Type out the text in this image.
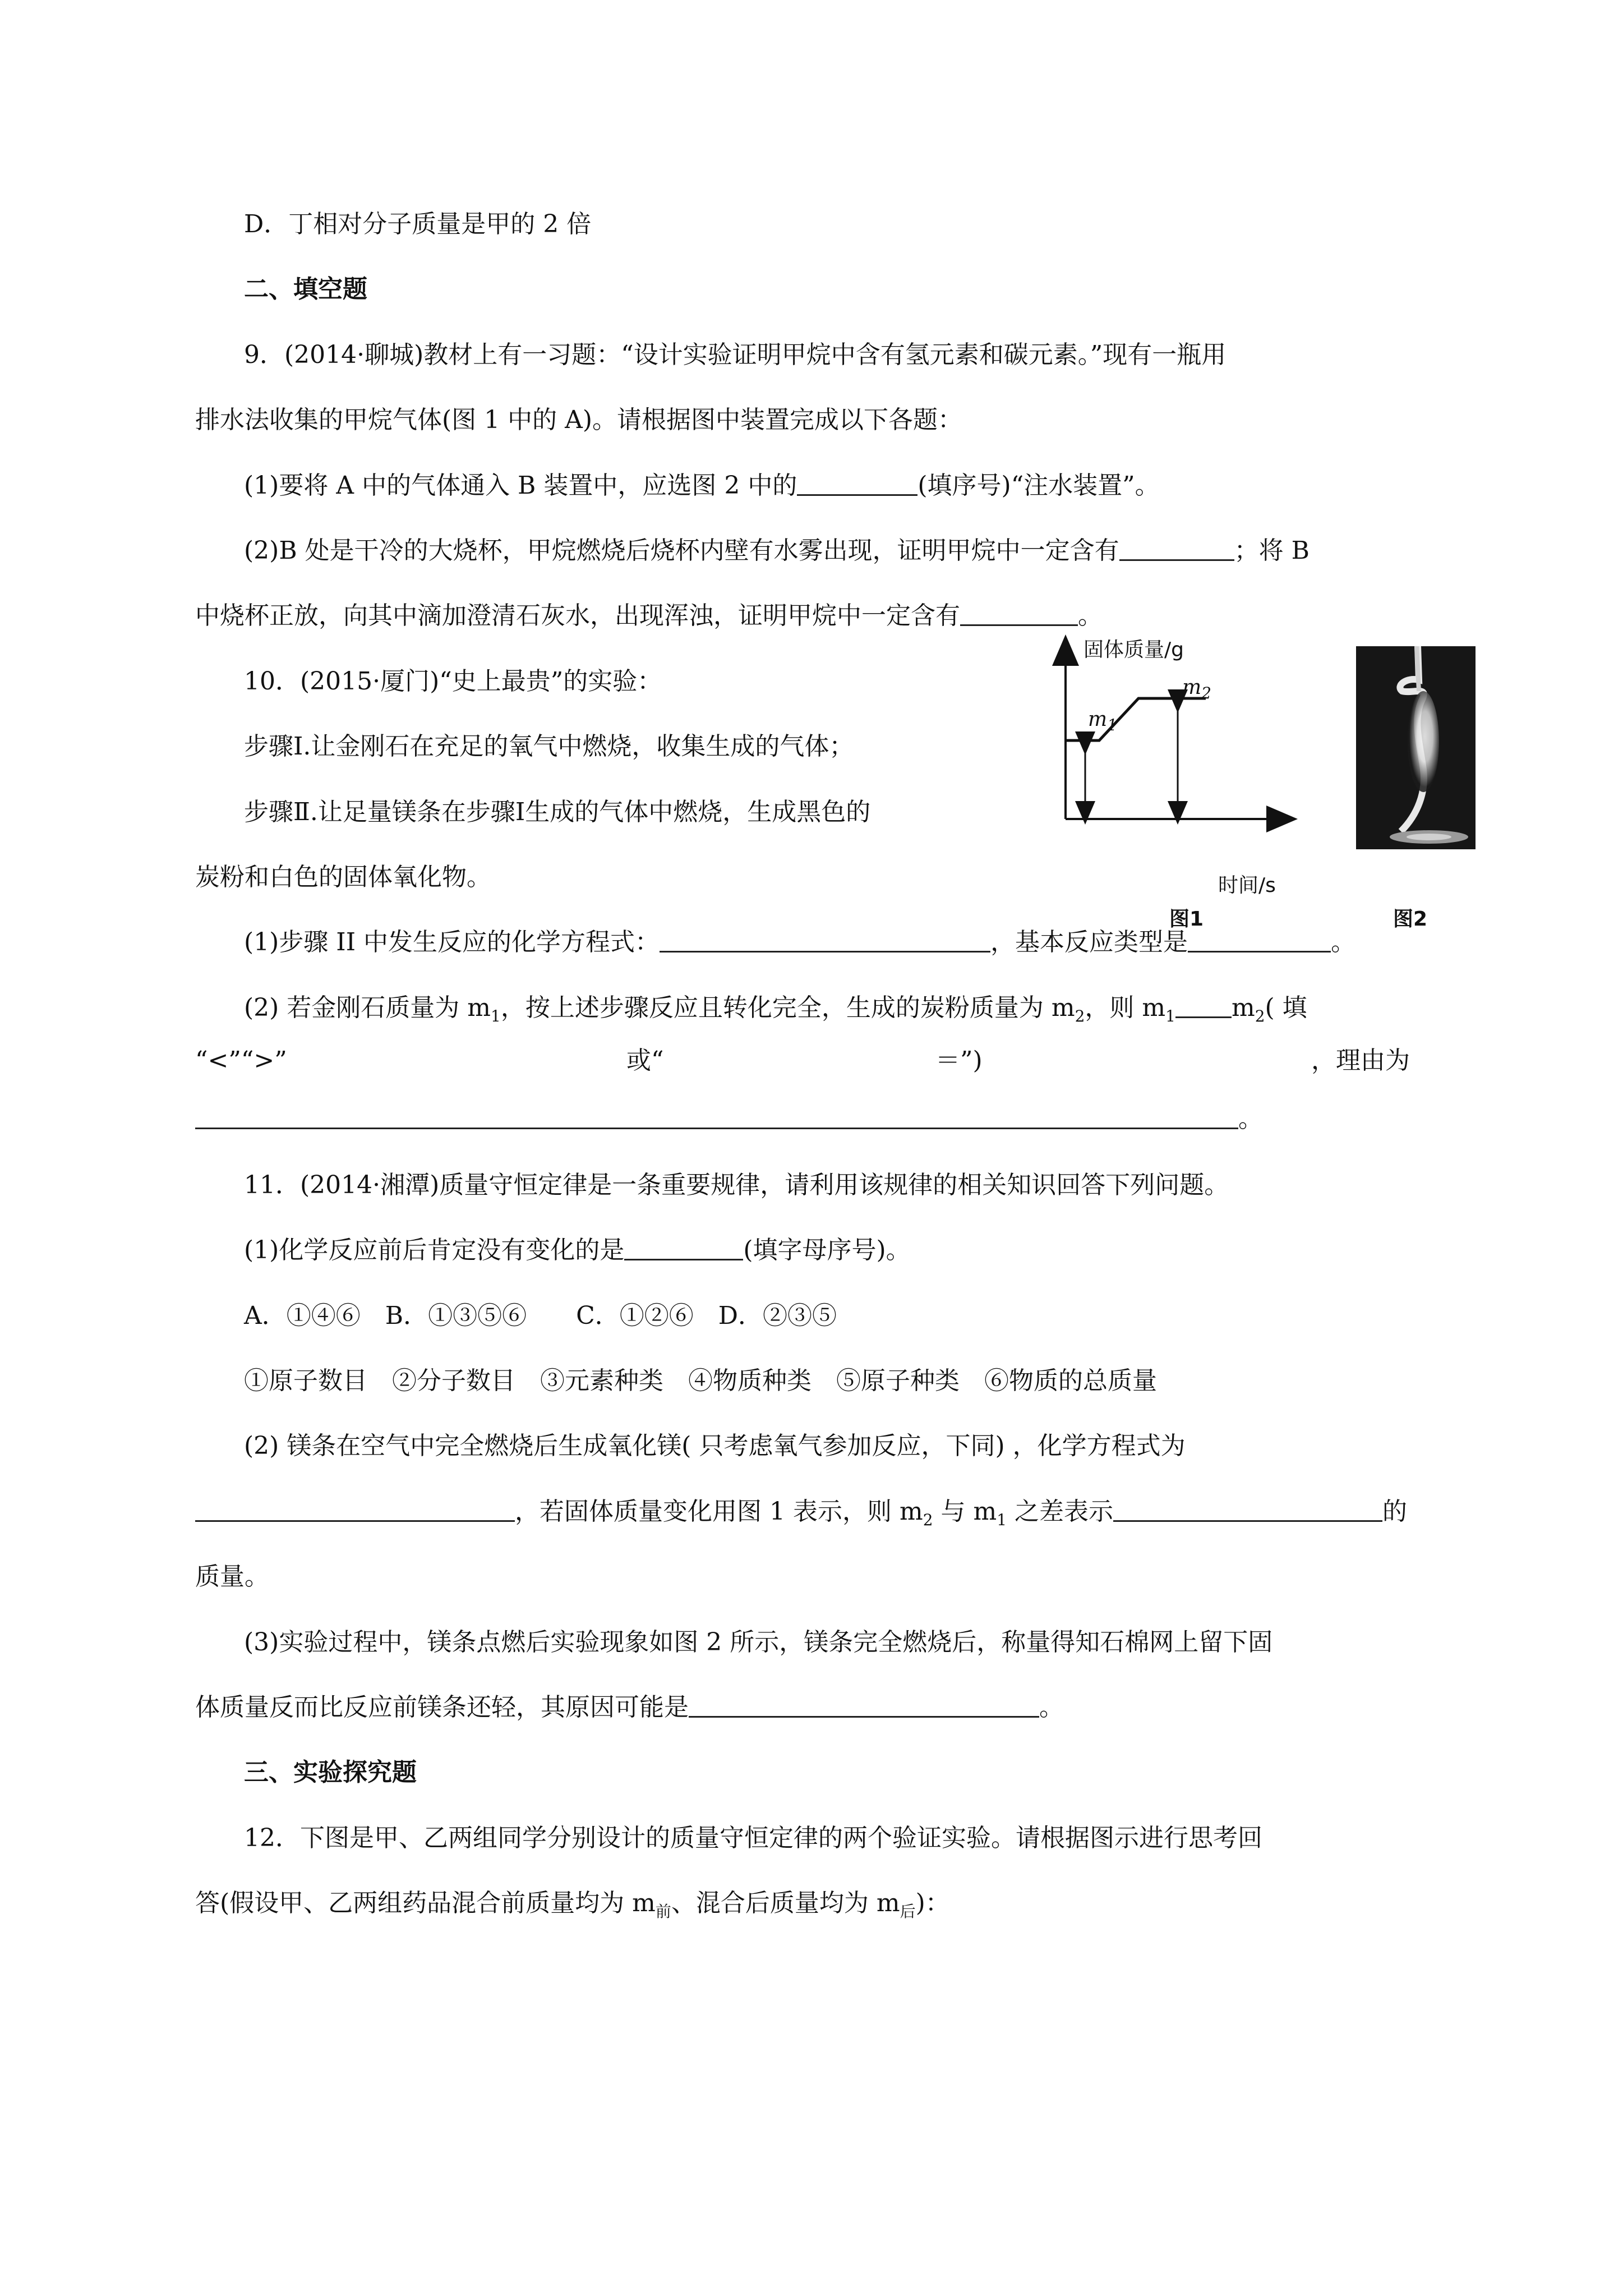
D．丁相对分子质量是甲的 2 倍
二、填空题
9．(2014·聊城)教材上有一习题：“设计实验证明甲烷中含有氢元素和碳元素。”现有一瓶用
排水法收集的甲烷气体(图 1 中的 A)。请根据图中装置完成以下各题：
(1)要将 A 中的气体通入 B 装置中，应选图 2 中的	(填序号)“注水装置”。
(2)B 处是干冷的大烧杯，甲烷燃烧后烧杯内壁有水雾出现，证明甲烷中一定含有	；将 B
中烧杯正放，向其中滴加澄清石灰水，出现浑浊，证明甲烷中一定含有	。
10．(2015·厦门)“史上最贵”的实验：
步骤Ⅰ.让金刚石在充足的氧气中燃烧，收集生成的气体；
步骤Ⅱ.让足量镁条在步骤Ⅰ生成的气体中燃烧，生成黑色的
炭粉和白色的固体氧化物。
固体质量/g
时间/s
$m_1$
$m_2$
图1	图2
(1)步骤 II 中发生反应的化学方程式：	，基本反应类型是	。
(2) 若金刚石质量为 $m_1$，按上述步骤反应且转化完全，生成的炭粉质量为 $m_2$，则 $m_1$ $m_2$( 填
“<”“>”	或“	＝”)	，理由为
。
11．(2014·湘潭)质量守恒定律是一条重要规律，请利用该规律的相关知识回答下列问题。
(1)化学反应前后肯定没有变化的是	(填字母序号)。
A．①④⑥　B．①③⑤⑥　　C．①②⑥　D．②③⑤
①原子数目　②分子数目　③元素种类　④物质种类　⑤原子种类　⑥物质的总质量
(2) 镁条在空气中完全燃烧后生成氧化镁( 只考虑氧气参加反应，下同) ，化学方程式为
，若固体质量变化用图 1 表示，则 $m_2$ 与 $m_1$ 之差表示	的
质量。
(3)实验过程中，镁条点燃后实验现象如图 2 所示，镁条完全燃烧后，称量得知石棉网上留下固
体质量反而比反应前镁条还轻，其原因可能是	。
三、实验探究题
12．下图是甲、乙两组同学分别设计的质量守恒定律的两个验证实验。请根据图示进行思考回
答(假设甲、乙两组药品混合前质量均为 $m_前$、混合后质量均为 $m_后$)：
